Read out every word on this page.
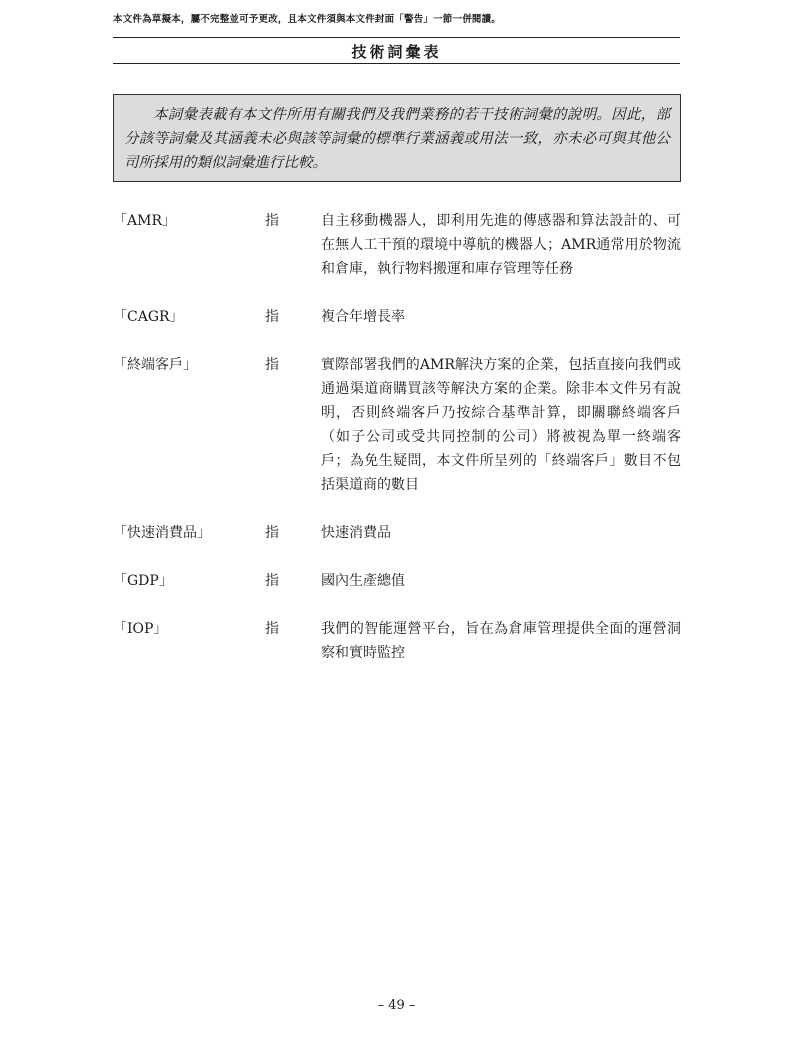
本文件為草擬本，屬不完整並可予更改，且本文件須與本文件封面「警告」一節一併閱讀。
技術詞彙表
本詞彙表載有本文件所用有關我們及我們業務的若干技術詞彙的說明。因此，部分該等詞彙及其涵義未必與該等詞彙的標準行業涵義或用法一致，亦未必可與其他公司所採用的類似詞彙進行比較。
「AMR」	指	自主移動機器人，即利用先進的傳感器和算法設計的、可在無人工干預的環境中導航的機器人；AMR通常用於物流和倉庫，執行物料搬運和庫存管理等任務
「CAGR」	指	複合年增長率
「終端客戶」	指	實際部署我們的AMR解決方案的企業，包括直接向我們或通過渠道商購買該等解決方案的企業。除非本文件另有說明，否則終端客戶乃按綜合基準計算，即關聯終端客戶（如子公司或受共同控制的公司）將被視為單一終端客戶；為免生疑問，本文件所呈列的「終端客戶」數目不包括渠道商的數目
「快速消費品」	指	快速消費品
「GDP」	指	國內生產總值
「IOP」	指	我們的智能運營平台，旨在為倉庫管理提供全面的運營洞察和實時監控
– 49 –
